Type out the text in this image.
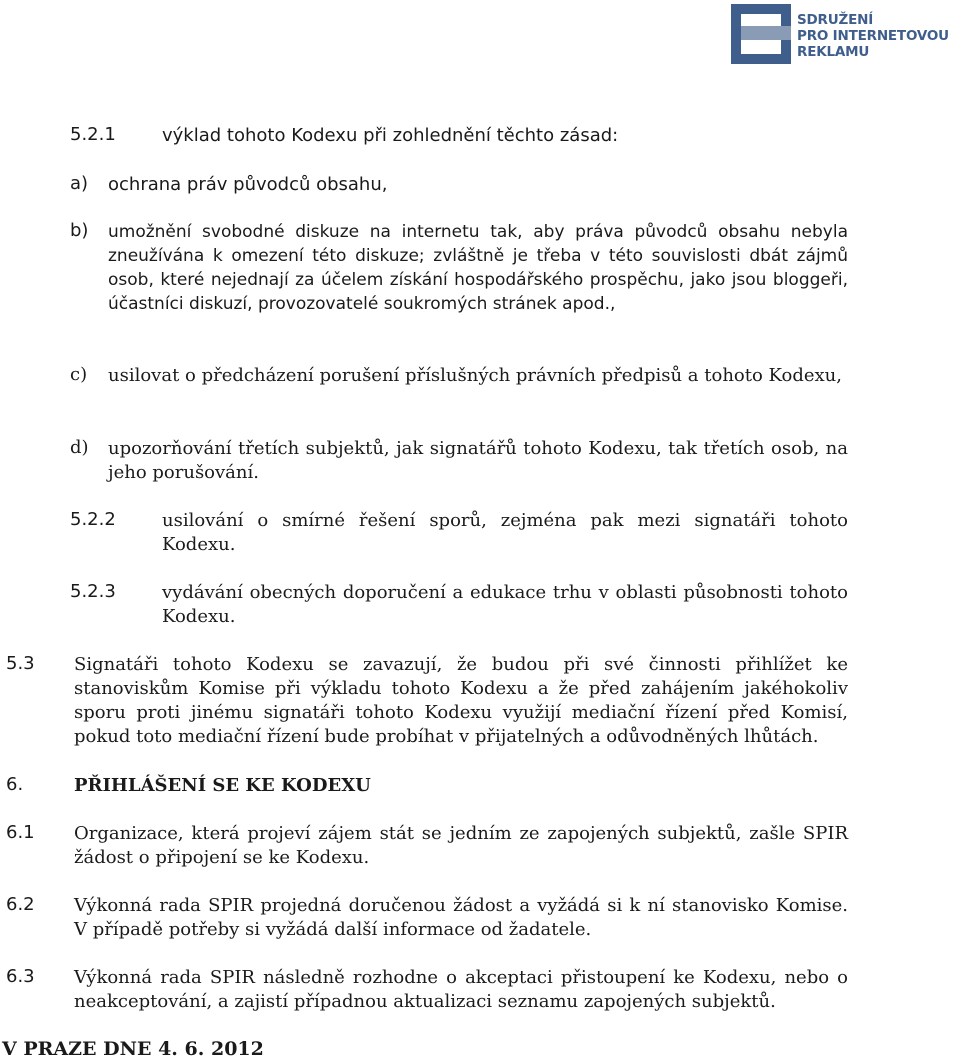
SDRUŽENÍ
PRO INTERNETOVOU
REKLAMU
5.2.1	výklad tohoto Kodexu při zohlednění těchto zásad:
a) ochrana práv původců obsahu,
b) umožnění svobodné diskuze na internetu tak, aby práva původců obsahu nebyla zneužívána k omezení této diskuze; zvláštně je třeba v této souvislosti dbát zájmů osob, které nejednají za účelem získání hospodářského prospěchu, jako jsou bloggeři, účastníci diskuzí, provozovatelé soukromých stránek apod.,
c) usilovat o předcházení porušení příslušných právních předpisů a tohoto Kodexu,
d) upozorňování třetích subjektů, jak signatářů tohoto Kodexu, tak třetích osob, na jeho porušování.
5.2.2	usilování o smírné řešení sporů, zejména pak mezi signatáři tohoto Kodexu.
5.2.3	vydávání obecných doporučení a edukace trhu v oblasti působnosti tohoto Kodexu.
5.3 Signatáři tohoto Kodexu se zavazují, že budou při své činnosti přihlížet ke stanoviskům Komise při výkladu tohoto Kodexu a že před zahájením jakéhokoliv sporu proti jinému signatáři tohoto Kodexu využijí mediační řízení před Komisí, pokud toto mediační řízení bude probíhat v přijatelných a odůvodněných lhůtách.
6.	PŘIHLÁŠENÍ SE KE KODEXU
6.1 Organizace, která projeví zájem stát se jedním ze zapojených subjektů, zašle SPIR žádost o připojení se ke Kodexu.
6.2 Výkonná rada SPIR projedná doručenou žádost a vyžádá si k ní stanovisko Komise. V případě potřeby si vyžádá další informace od žadatele.
6.3 Výkonná rada SPIR následně rozhodne o akceptaci přistoupení ke Kodexu, nebo o neakceptování, a zajistí případnou aktualizaci seznamu zapojených subjektů.
V PRAZE DNE 4. 6. 2012
